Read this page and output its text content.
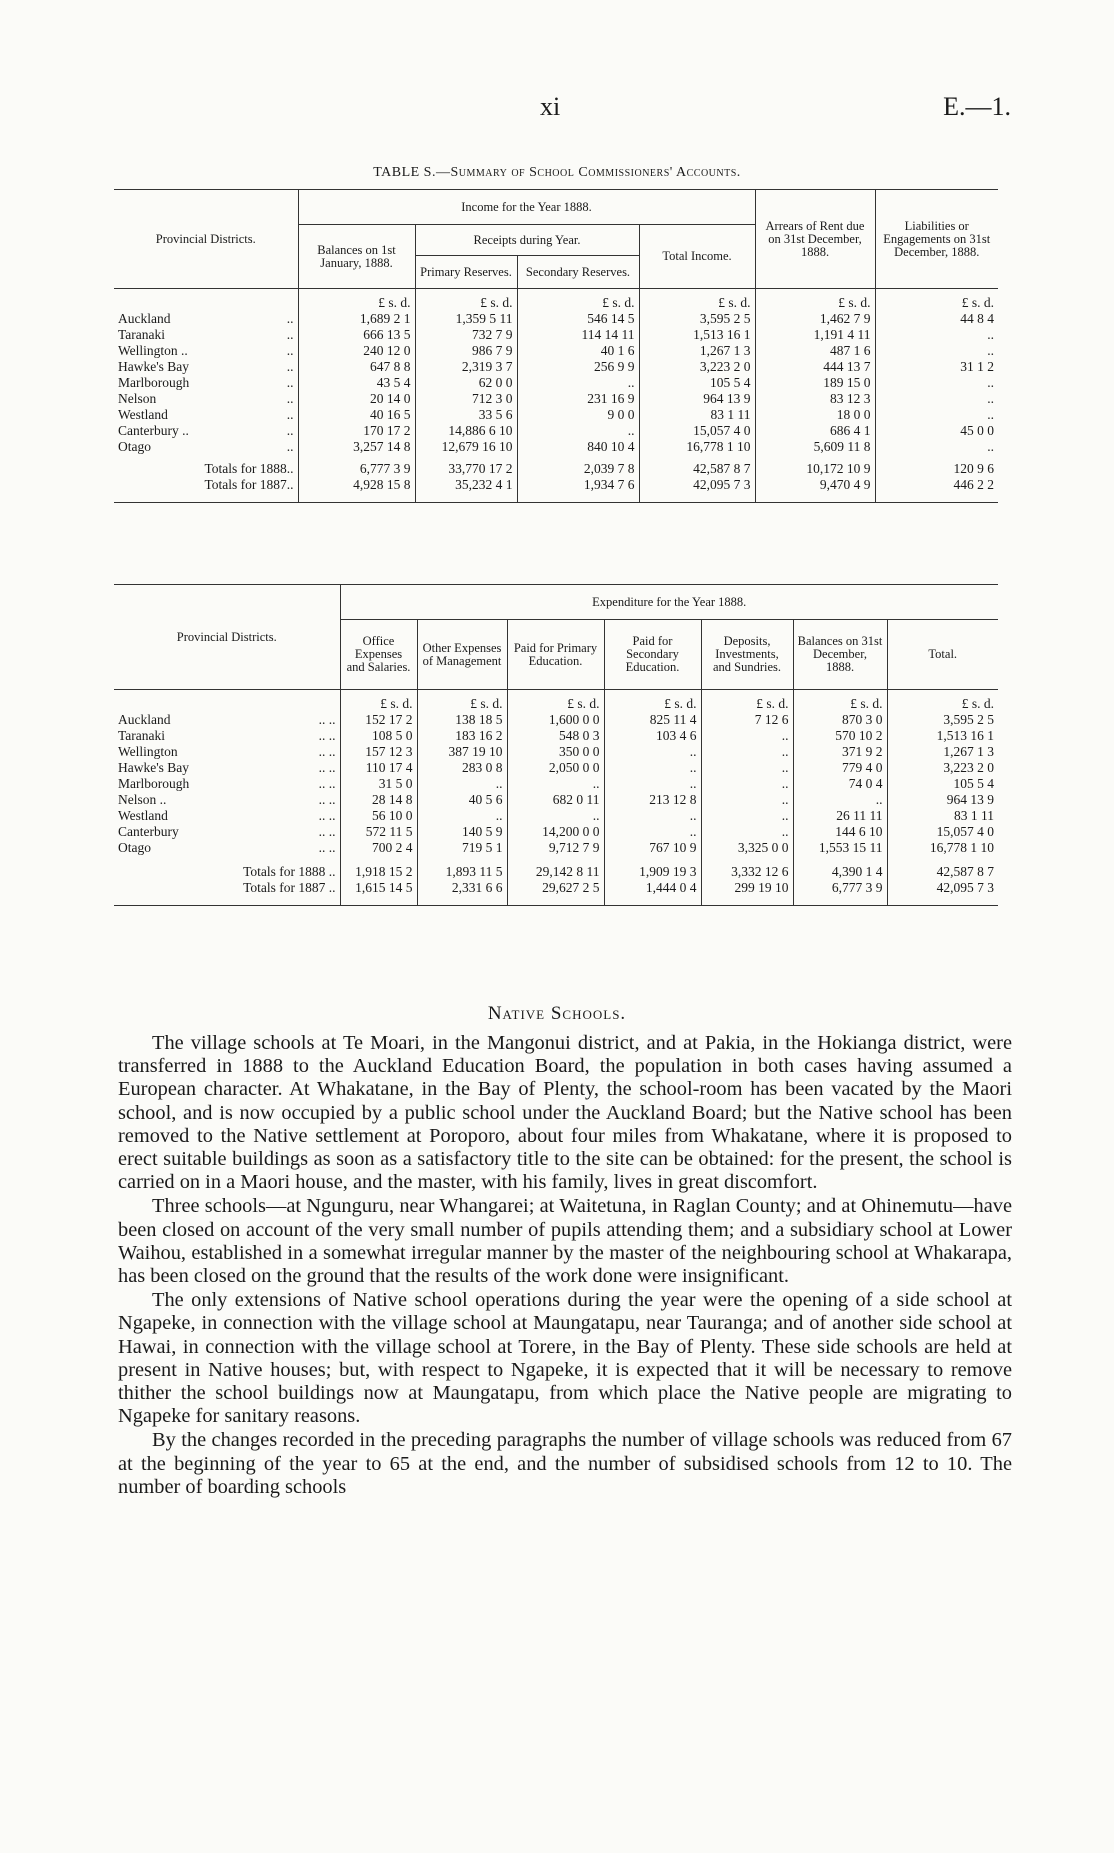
xi	E.—1.
TABLE S.—Summary of School Commissioners' Accounts.
Provincial Districts.	Income for the Year 1888.				Arrears of Rent due on 31st December, 1888.	Liabilities or Engagements on 31st December, 1888.
	Balances on 1st January, 1888.	Receipts during Year.		Total Income.		
		Primary Reserves.	Secondary Reserves.			

	£ s. d.	£ s. d.	£ s. d.	£ s. d.	£ s. d.	£ s. d.

Auckland ..	1,689 2 1	1,359 5 11	546 14 5	3,595 2 5	1,462 7 9	44 8 4

Taranaki ..	666 13 5	732 7 9	114 14 11	1,513 16 1	1,191 4 11	..

Wellington .. ..	240 12 0	986 7 9	40 1 6	1,267 1 3	487 1 6	..

Hawke's Bay ..	647 8 8	2,319 3 7	256 9 9	3,223 2 0	444 13 7	31 1 2

Marlborough ..	43 5 4	62 0 0	..	105 5 4	189 15 0	..

Nelson ..	20 14 0	712 3 0	231 16 9	964 13 9	83 12 3	..

Westland ..	40 16 5	33 5 6	9 0 0	83 1 11	18 0 0	..

Canterbury .. ..	170 17 2	14,886 6 10	..	15,057 4 0	686 4 1	45 0 0

Otago ..	3,257 14 8	12,679 16 10	840 10 4	16,778 1 10	5,609 11 8	..

Totals for 1888..	6,777 3 9	33,770 17 2	2,039 7 8	42,587 8 7	10,172 10 9	120 9 6
Totals for 1887..	4,928 15 8	35,232 4 1	1,934 7 6	42,095 7 3	9,470 4 9	446 2 2

Provincial Districts.	Expenditure for the Year 1888.						
	Office Expenses and Salaries.	Other Expenses of Management	Paid for Primary Education.	Paid for Secondary Education.	Deposits, Investments, and Sundries.	Balances on 31st December, 1888.	Total.

	£ s. d.	£ s. d.	£ s. d.	£ s. d.	£ s. d.	£ s. d.	£ s. d.

Auckland .. ..	152 17 2	138 18 5	1,600 0 0	825 11 4	7 12 6	870 3 0	3,595 2 5

Taranaki .. ..	108 5 0	183 16 2	548 0 3	103 4 6	..	570 10 2	1,513 16 1

Wellington .. ..	157 12 3	387 19 10	350 0 0	..	..	371 9 2	1,267 1 3

Hawke's Bay .. ..	110 17 4	283 0 8	2,050 0 0	..	..	779 4 0	3,223 2 0

Marlborough .. ..	31 5 0	..	..	..	..	74 0 4	105 5 4

Nelson .. .. ..	28 14 8	40 5 6	682 0 11	213 12 8	..	..	964 13 9

Westland .. ..	56 10 0	..	..	..	..	26 11 11	83 1 11

Canterbury .. ..	572 11 5	140 5 9	14,200 0 0	..	..	144 6 10	15,057 4 0

Otago .. ..	700 2 4	719 5 1	9,712 7 9	767 10 9	3,325 0 0	1,553 15 11	16,778 1 10

Totals for 1888 ..	1,918 15 2	1,893 11 5	29,142 8 11	1,909 19 3	3,332 12 6	4,390 1 4	42,587 8 7
Totals for 1887 ..	1,615 14 5	2,331 6 6	29,627 2 5	1,444 0 4	299 19 10	6,777 3 9	42,095 7 3

Native Schools.

The village schools at Te Moari, in the Mangonui district, and at Pakia, in the Hokianga district, were transferred in 1888 to the Auckland Education Board, the population in both cases having assumed a European character. At Whakatane, in the Bay of Plenty, the school-room has been vacated by the Maori school, and is now occupied by a public school under the Auckland Board; but the Native school has been removed to the Native settlement at Poroporo, about four miles from Whakatane, where it is proposed to erect suitable buildings as soon as a satisfactory title to the site can be obtained: for the present, the school is carried on in a Maori house, and the master, with his family, lives in great discomfort.

Three schools—at Ngunguru, near Whangarei; at Waitetuna, in Raglan County; and at Ohinemutu—have been closed on account of the very small number of pupils attending them; and a subsidiary school at Lower Waihou, established in a somewhat irregular manner by the master of the neighbouring school at Whakarapa, has been closed on the ground that the results of the work done were insignificant.

The only extensions of Native school operations during the year were the opening of a side school at Ngapeke, in connection with the village school at Maungatapu, near Tauranga; and of another side school at Hawai, in connection with the village school at Torere, in the Bay of Plenty. These side schools are held at present in Native houses; but, with respect to Ngapeke, it is expected that it will be necessary to remove thither the school buildings now at Maungatapu, from which place the Native people are migrating to Ngapeke for sanitary reasons.

By the changes recorded in the preceding paragraphs the number of village schools was reduced from 67 at the beginning of the year to 65 at the end, and the number of subsidised schools from 12 to 10. The number of boarding schools
